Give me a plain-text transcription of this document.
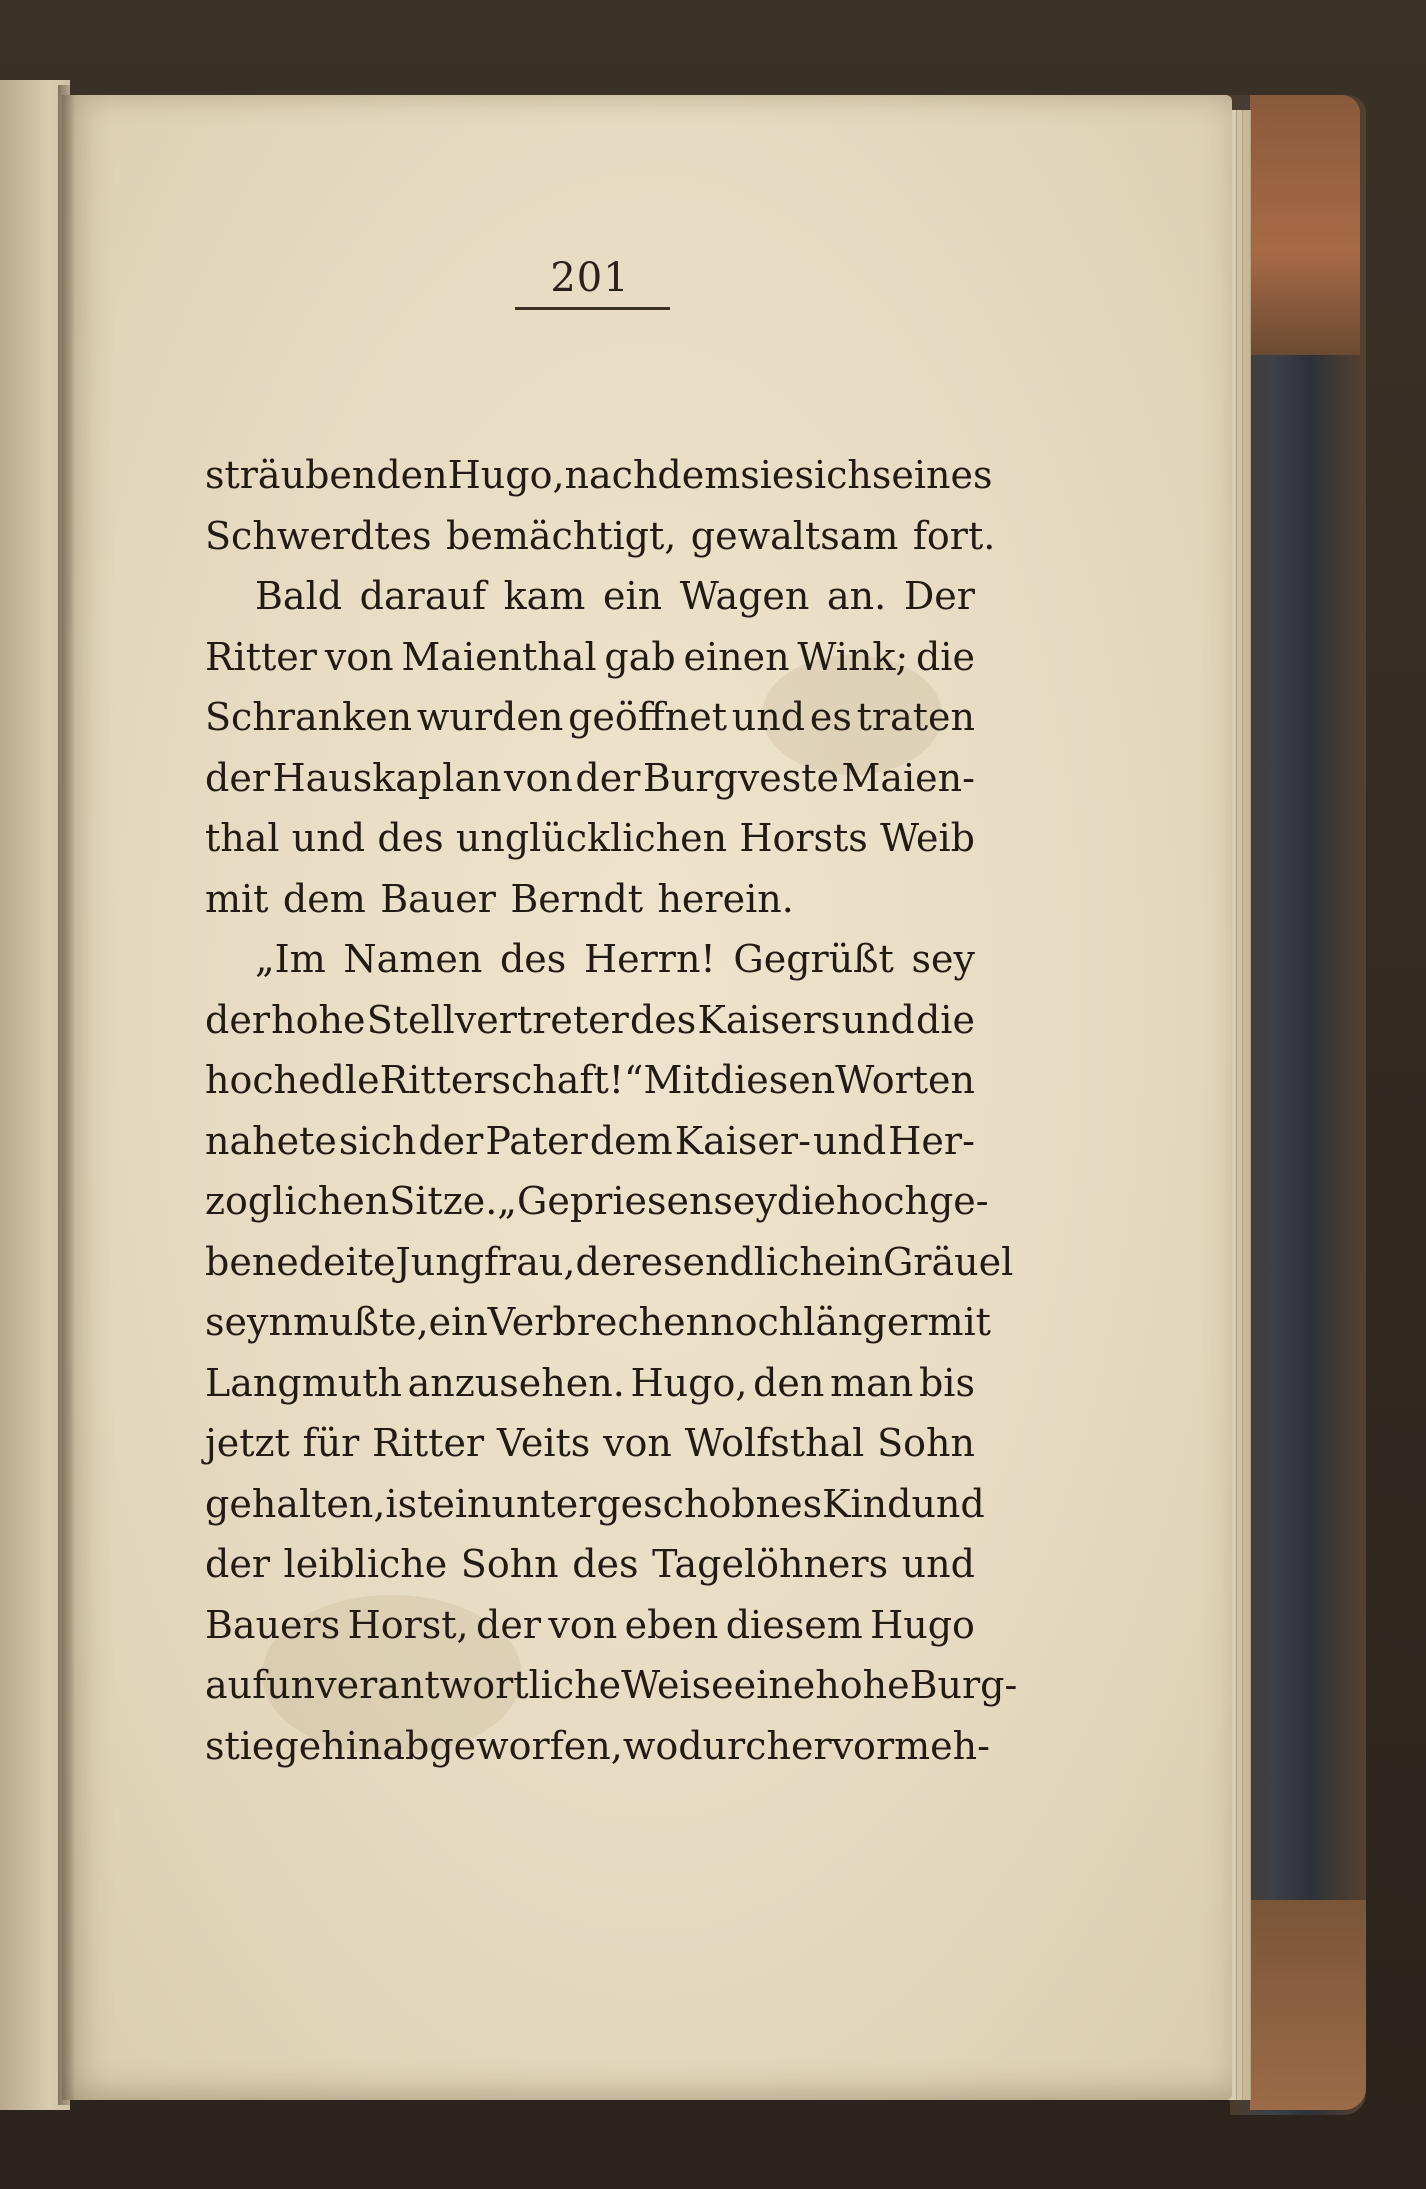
201
sträubenden Hugo, nachdem sie sich seines
Schwerdtes bemächtigt, gewaltsam fort.
Bald darauf kam ein Wagen an. Der
Ritter von Maienthal gab einen Wink; die
Schranken wurden geöffnet und es traten
der Hauskaplan von der Burgveste Maien-
thal und des unglücklichen Horsts Weib
mit dem Bauer Berndt herein.
„Im Namen des Herrn! Gegrüßt sey
der hohe Stellvertreter des Kaisers und die
hochedle Ritterschaft!“ Mit diesen Worten
nahete sich der Pater dem Kaiser- und Her-
zoglichen Sitze. „Gepriesen sey die hochge-
benedeite Jungfrau, der es endlich ein Gräuel
seyn mußte, ein Verbrechen noch länger mit
Langmuth anzusehen. Hugo, den man bis
jetzt für Ritter Veits von Wolfsthal Sohn
gehalten, ist ein untergeschobnes Kind und
der leibliche Sohn des Tagelöhners und
Bauers Horst, der von eben diesem Hugo
auf unverantwortliche Weise eine hohe Burg-
stiege hinabgeworfen, wodurch er vor meh-
